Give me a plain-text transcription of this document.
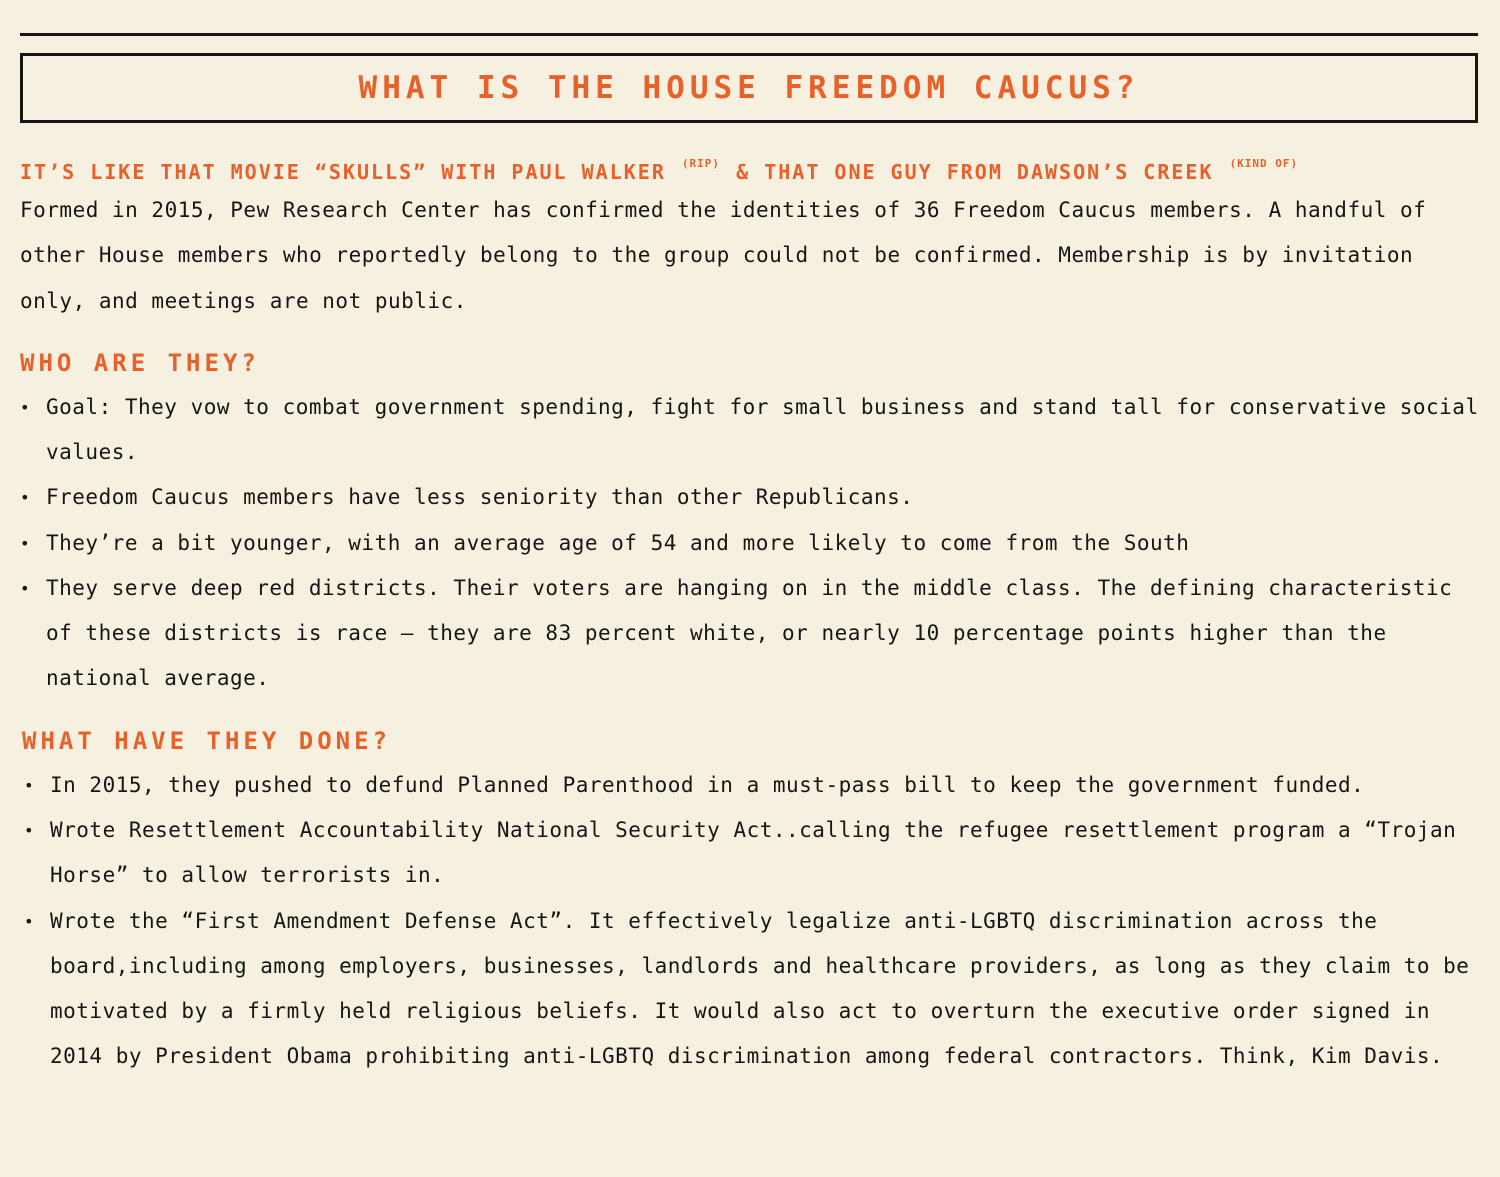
WHAT IS THE HOUSE FREEDOM CAUCUS?

IT’S LIKE THAT MOVIE “SKULLS” WITH PAUL WALKER $^{(RIP)}$ & THAT ONE GUY FROM DAWSON’S CREEK $^{(KIND OF)}$

Formed in 2015, Pew Research Center has confirmed the identities of 36 Freedom Caucus members. A handful of other House members who reportedly belong to the group could not be confirmed. Membership is by invitation only, and meetings are not public.

WHO ARE THEY?
• Goal: They vow to combat government spending, fight for small business and stand tall for conservative social values.
• Freedom Caucus members have less seniority than other Republicans.
• They’re a bit younger, with an average age of 54 and more likely to come from the South
• They serve deep red districts. Their voters are hanging on in the middle class. The defining characteristic of these districts is race – they are 83 percent white, or nearly 10 percentage points higher than the national average.
WHAT HAVE THEY DONE?
• In 2015, they pushed to defund Planned Parenthood in a must-pass bill to keep the government funded.
• Wrote Resettlement Accountability National Security Act..calling the refugee resettlement program a “Trojan Horse” to allow terrorists in.
• Wrote the “First Amendment Defense Act”. It effectively legalize anti-LGBTQ discrimination across the board,including among employers, businesses, landlords and healthcare providers, as long as they claim to be motivated by a firmly held religious beliefs. It would also act to overturn the executive order signed in 2014 by President Obama prohibiting anti-LGBTQ discrimination among federal contractors. Think, Kim Davis.
